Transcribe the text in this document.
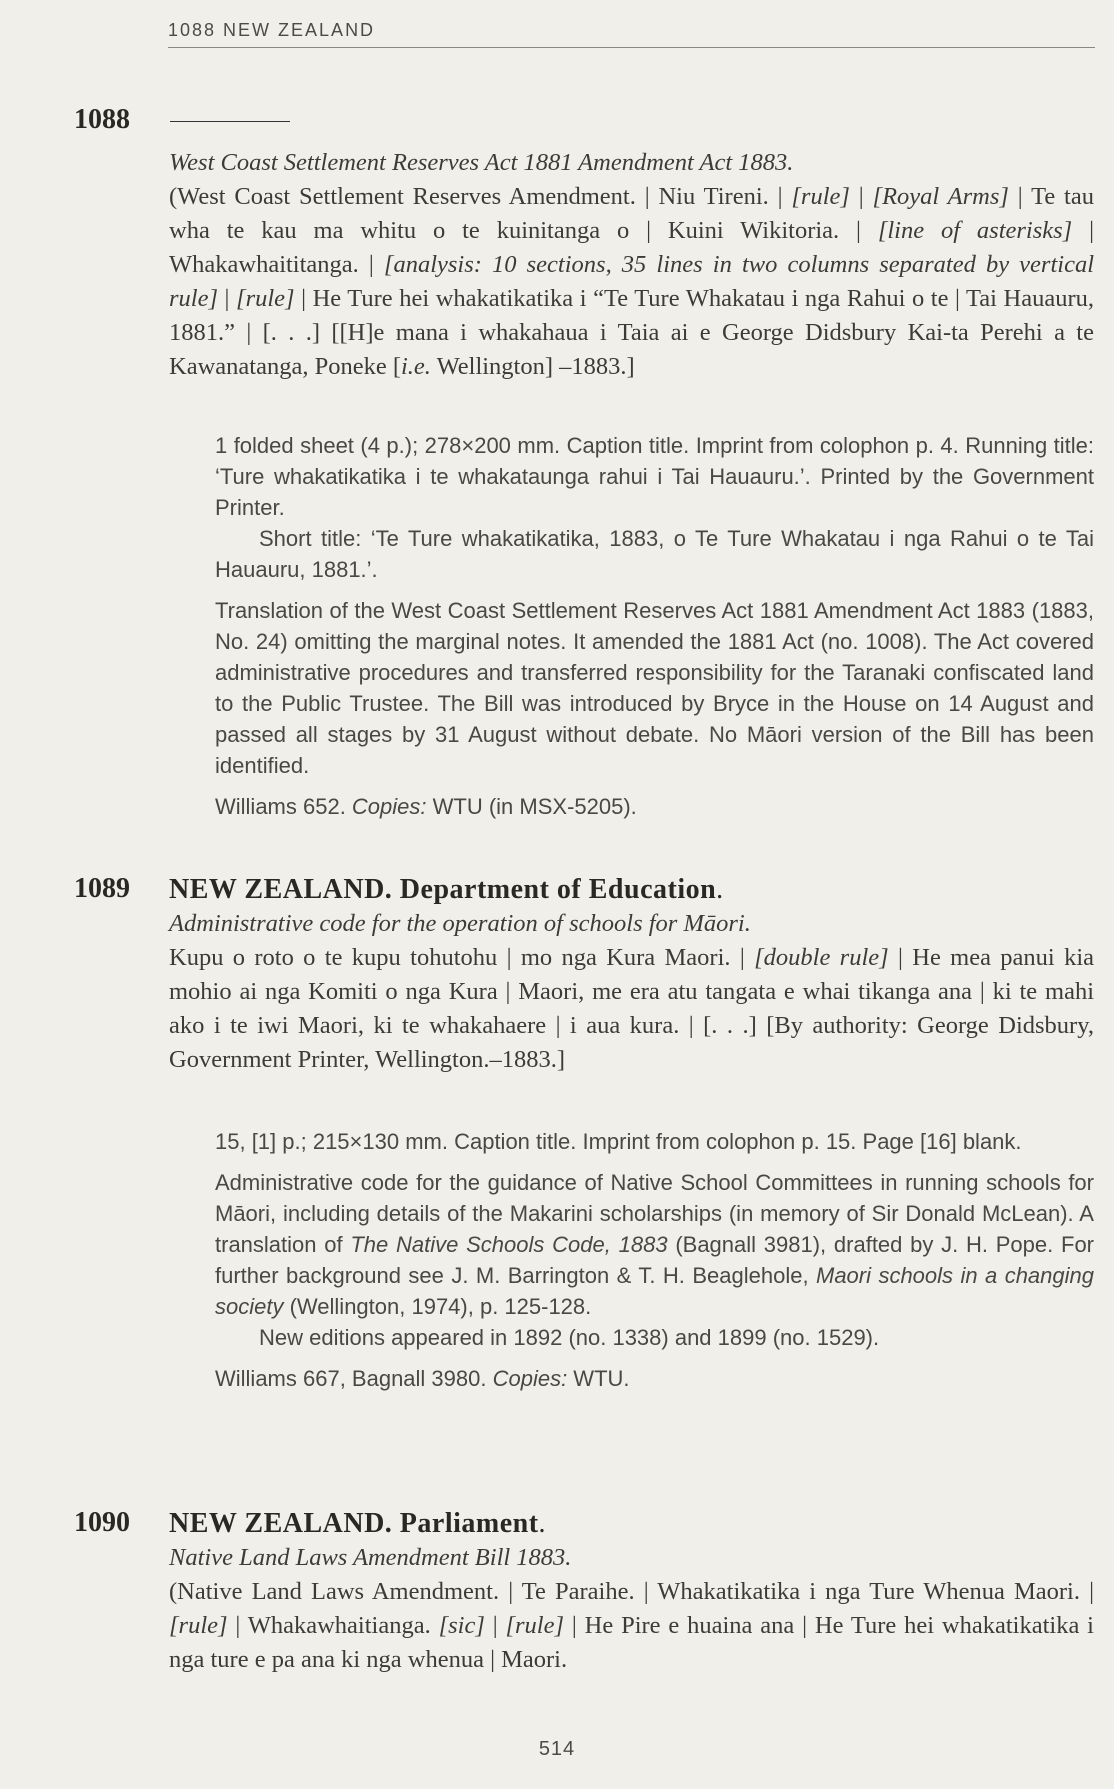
1088 NEW ZEALAND
1088
West Coast Settlement Reserves Act 1881 Amendment Act 1883.
(West Coast Settlement Reserves Amendment. | Niu Tireni. | [rule] | [Royal Arms] | Te tau wha te kau ma whitu o te kuinitanga o | Kuini Wikitoria. | [line of asterisks] | Whakawhaititanga. | [analysis: 10 sections, 35 lines in two columns separated by vertical rule] | [rule] | He Ture hei whakatikatika i “Te Ture Whakatau i nga Rahui o te | Tai Hauauru, 1881.” | [. . .] [[H]e mana i whakahaua i Taia ai e George Didsbury Kai-ta Perehi a te Kawanatanga, Poneke [i.e. Wellington] –1883.]

1 folded sheet (4 p.); 278×200 mm. Caption title. Imprint from colophon p. 4. Running title: ‘Ture whakatikatika i te whakataunga rahui i Tai Hauauru.’. Printed by the Government Printer.

Short title: ‘Te Ture whakatikatika, 1883, o Te Ture Whakatau i nga Rahui o te Tai Hauauru, 1881.’.

Translation of the West Coast Settlement Reserves Act 1881 Amendment Act 1883 (1883, No. 24) omitting the marginal notes. It amended the 1881 Act (no. 1008). The Act covered administrative procedures and transferred responsibility for the Taranaki confiscated land to the Public Trustee. The Bill was introduced by Bryce in the House on 14 August and passed all stages by 31 August without debate. No Māori version of the Bill has been identified.

Williams 652. Copies: WTU (in MSX-5205).

1089 NEW ZEALAND. Department of Education.
Administrative code for the operation of schools for Māori.
Kupu o roto o te kupu tohutohu | mo nga Kura Maori. | [double rule] | He mea panui kia mohio ai nga Komiti o nga Kura | Maori, me era atu tangata e whai tikanga ana | ki te mahi ako i te iwi Maori, ki te whakahaere | i aua kura. | [. . .] [By authority: George Didsbury, Government Printer, Wellington.–1883.]

15, [1] p.; 215×130 mm. Caption title. Imprint from colophon p. 15. Page [16] blank.

Administrative code for the guidance of Native School Committees in running schools for Māori, including details of the Makarini scholarships (in memory of Sir Donald McLean). A translation of The Native Schools Code, 1883 (Bagnall 3981), drafted by J. H. Pope. For further background see J. M. Barrington & T. H. Beaglehole, Maori schools in a changing society (Wellington, 1974), p. 125-128.

New editions appeared in 1892 (no. 1338) and 1899 (no. 1529).

Williams 667, Bagnall 3980. Copies: WTU.

1090 NEW ZEALAND. Parliament.
Native Land Laws Amendment Bill 1883.
(Native Land Laws Amendment. | Te Paraihe. | Whakatikatika i nga Ture Whenua Maori. | [rule] | Whakawhaitianga. [sic] | [rule] | He Pire e huaina ana | He Ture hei whakatikatika i nga ture e pa ana ki nga whenua | Maori.
514
